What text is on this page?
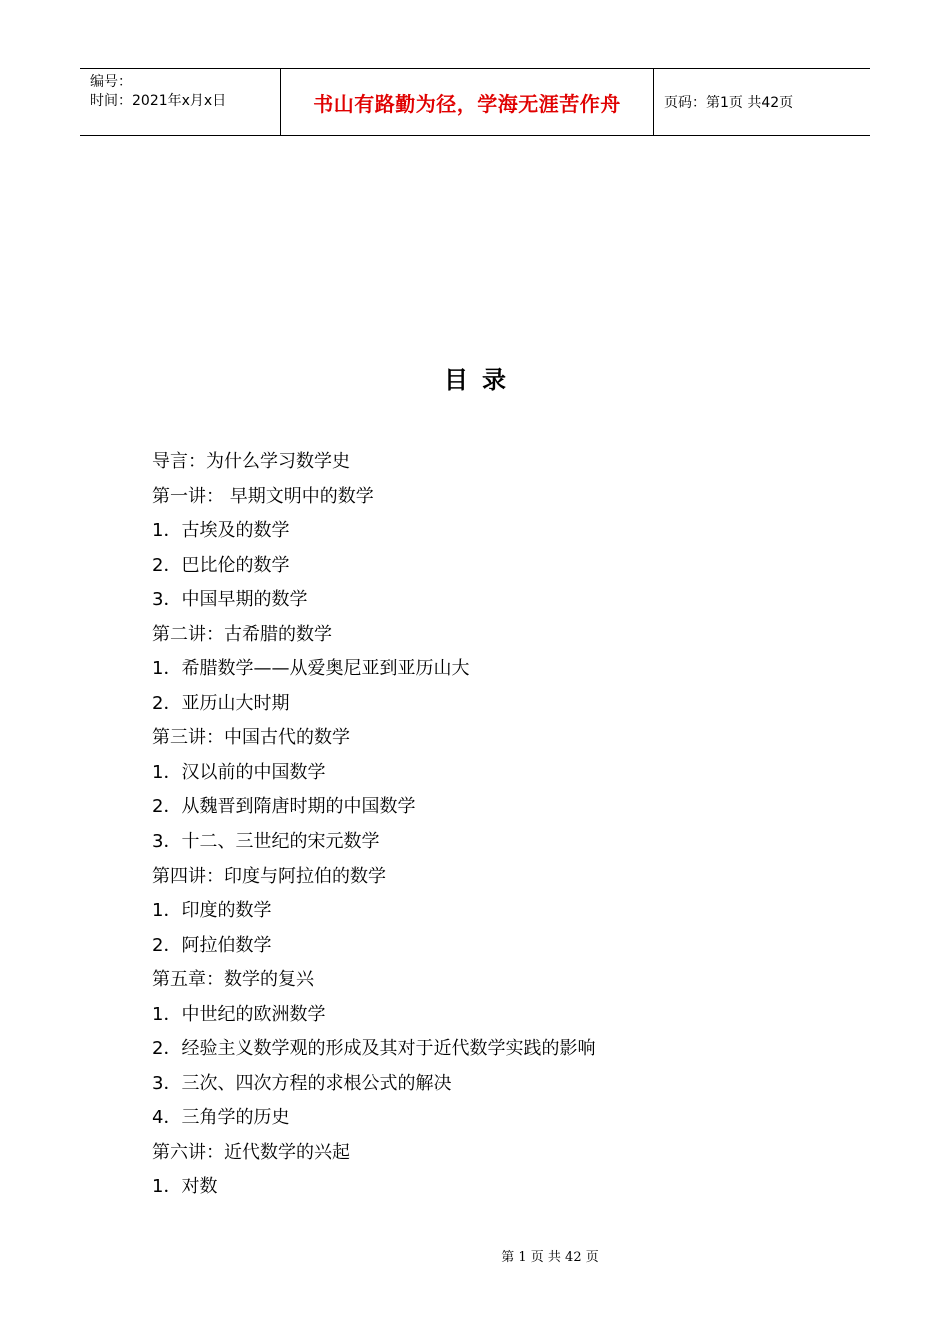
编号：
时间：2021年x月x日	书山有路勤为径，学海无涯苦作舟	页码：第1页 共42页
目录
导言：为什么学习数学史
第一讲： 早期文明中的数学
1．古埃及的数学
2．巴比伦的数学
3．中国早期的数学
第二讲：古希腊的数学
1．希腊数学——从爱奥尼亚到亚历山大
2．亚历山大时期
第三讲：中国古代的数学
1．汉以前的中国数学
2．从魏晋到隋唐时期的中国数学
3．十二、三世纪的宋元数学
第四讲：印度与阿拉伯的数学
1．印度的数学
2．阿拉伯数学
第五章：数学的复兴
1．中世纪的欧洲数学
2．经验主义数学观的形成及其对于近代数学实践的影响
3．三次、四次方程的求根公式的解决
4．三角学的历史
第六讲：近代数学的兴起
1．对数
第 1 页 共 42 页
